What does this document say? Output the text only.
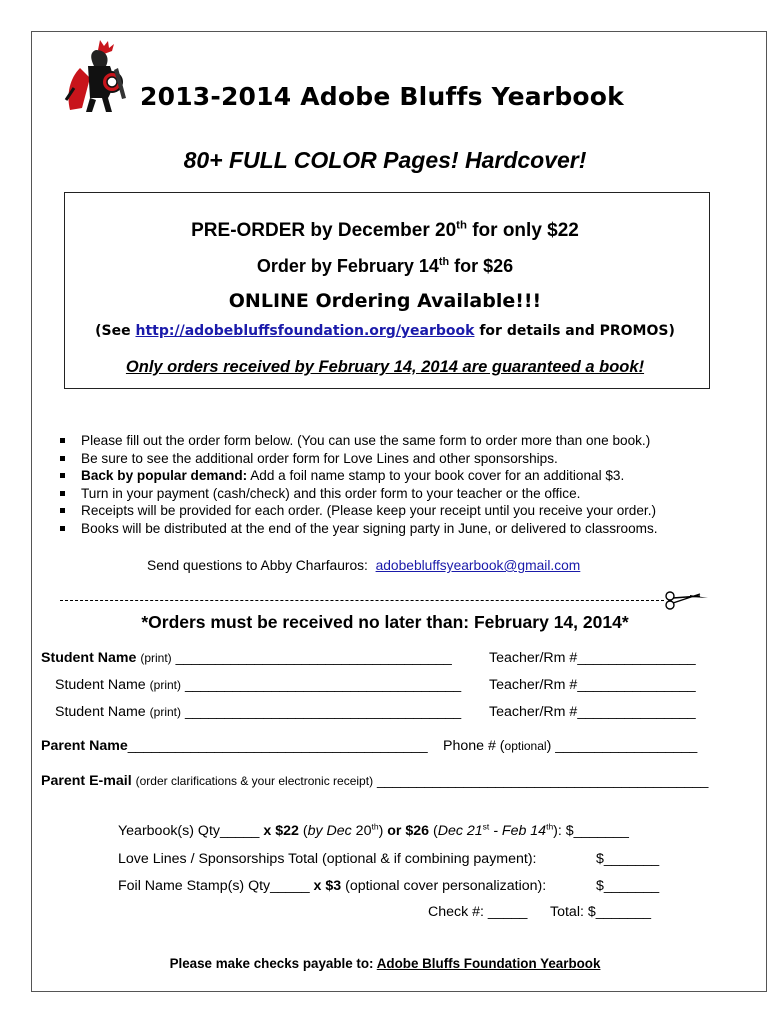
2013-2014 Adobe Bluffs Yearbook
80+ FULL COLOR Pages! Hardcover!
PRE-ORDER by December 20th for only $22
Order by February 14th for $26
ONLINE Ordering Available!!!
(See http://adobebluffsfoundation.org/yearbook for details and PROMOS)
Only orders received by February 14, 2014 are guaranteed a book!
Please fill out the order form below. (You can use the same form to order more than one book.)
Be sure to see the additional order form for Love Lines and other sponsorships.
Back by popular demand: Add a foil name stamp to your book cover for an additional $3.
Turn in your payment (cash/check) and this order form to your teacher or the office.
Receipts will be provided for each order. (Please keep your receipt until you receive your order.)
Books will be distributed at the end of the year signing party in June, or delivered to classrooms.
Send questions to Abby Charfauros: adobebluffsyearbook@gmail.com
*Orders must be received no later than: February 14, 2014*
Student Name (print) ___________________________________	Teacher/Rm #_______________
Student Name (print) ___________________________________ Teacher/Rm #_______________
Student Name (print) ___________________________________ Teacher/Rm #_______________
Parent Name______________________________________ Phone # (optional) __________________
Parent E-mail (order clarifications & your electronic receipt) __________________________________________
Yearbook(s) Qty_____ x $22 (by Dec 20th) or $26 (Dec 21st - Feb 14th): $_______
Love Lines / Sponsorships Total (optional & if combining payment):	$_______
Foil Name Stamp(s) Qty_____ x $3 (optional cover personalization):	$_______
Check #: _____ Total: $_______
Please make checks payable to: Adobe Bluffs Foundation Yearbook
